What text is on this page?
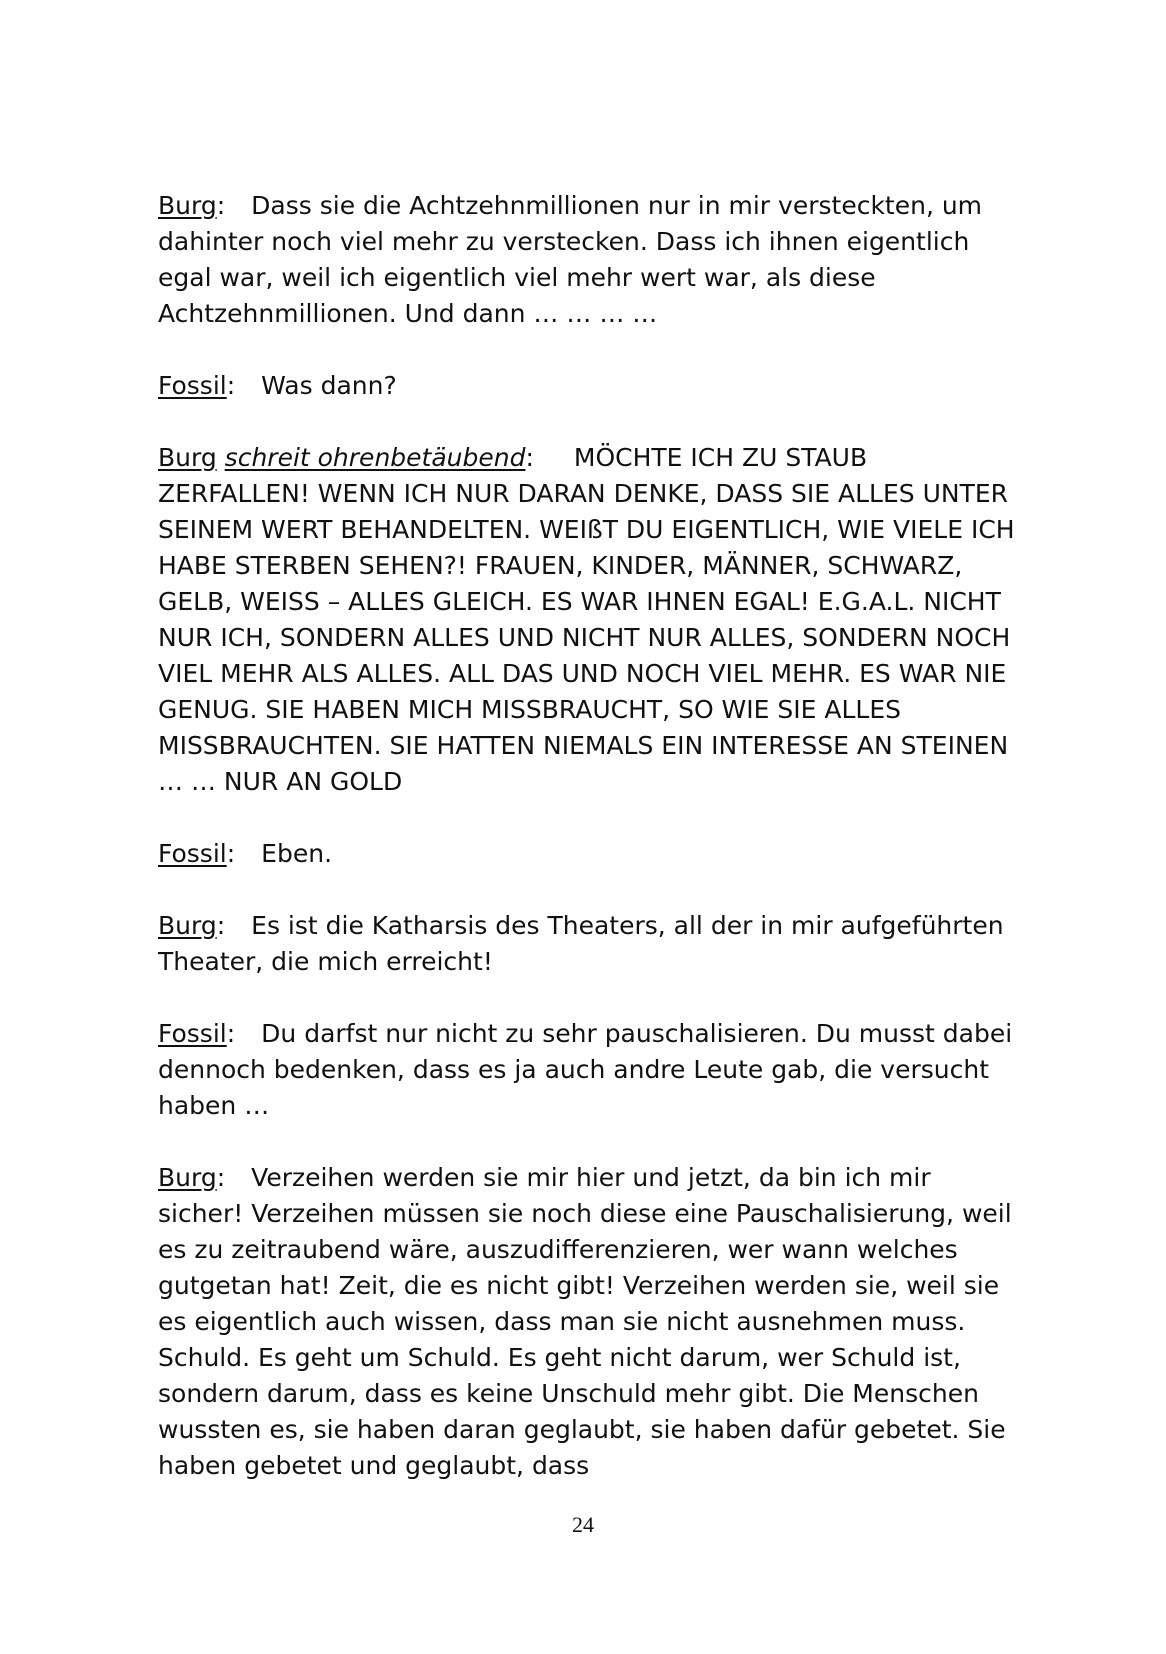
Burg: Dass sie die Achtzehnmillionen nur in mir versteckten, um dahinter noch viel mehr zu verstecken. Dass ich ihnen eigentlich egal war, weil ich eigentlich viel mehr wert war, als diese Achtzehnmillionen. Und dann … … … …

Fossil: Was dann?

Burg schreit ohrenbetäubend: MÖCHTE ICH ZU STAUB ZERFALLEN! WENN ICH NUR DARAN DENKE, DASS SIE ALLES UNTER SEINEM WERT BEHANDELTEN. WEIßT DU EIGENTLICH, WIE VIELE ICH HABE STERBEN SEHEN?! FRAUEN, KINDER, MÄNNER, SCHWARZ, GELB, WEISS – ALLES GLEICH. ES WAR IHNEN EGAL! E.G.A.L. NICHT NUR ICH, SONDERN ALLES UND NICHT NUR ALLES, SONDERN NOCH VIEL MEHR ALS ALLES. ALL DAS UND NOCH VIEL MEHR. ES WAR NIE GENUG. SIE HABEN MICH MISSBRAUCHT, SO WIE SIE ALLES MISSBRAUCHTEN. SIE HATTEN NIEMALS EIN INTERESSE AN STEINEN … … NUR AN GOLD

Fossil: Eben.

Burg: Es ist die Katharsis des Theaters, all der in mir aufgeführten Theater, die mich erreicht!

Fossil: Du darfst nur nicht zu sehr pauschalisieren. Du musst dabei dennoch bedenken, dass es ja auch andre Leute gab, die versucht haben …

Burg: Verzeihen werden sie mir hier und jetzt, da bin ich mir sicher! Verzeihen müssen sie noch diese eine Pauschalisierung, weil es zu zeitraubend wäre, auszudifferenzieren, wer wann welches gutgetan hat! Zeit, die es nicht gibt! Verzeihen werden sie, weil sie es eigentlich auch wissen, dass man sie nicht ausnehmen muss. Schuld. Es geht um Schuld. Es geht nicht darum, wer Schuld ist, sondern darum, dass es keine Unschuld mehr gibt. Die Menschen wussten es, sie haben daran geglaubt, sie haben dafür gebetet. Sie haben gebetet und geglaubt, dass

24
